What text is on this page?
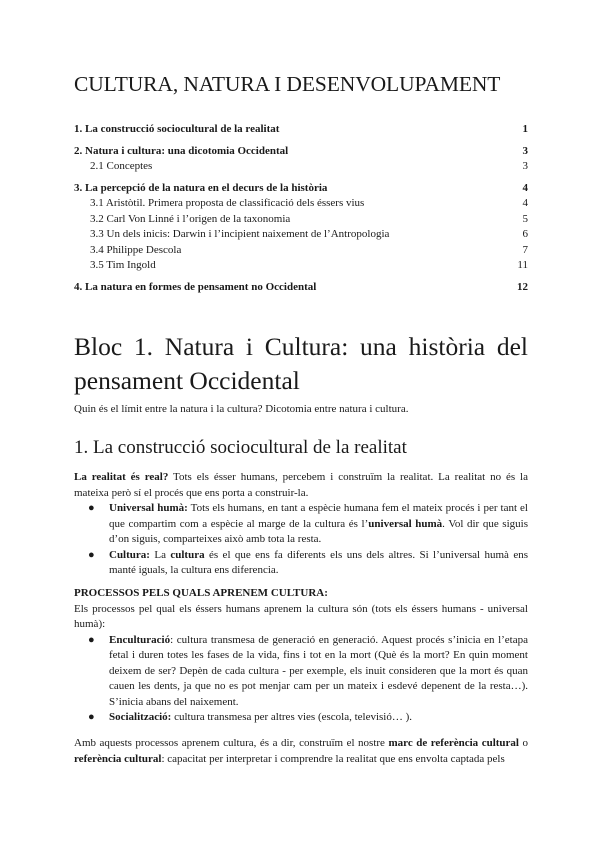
CULTURA, NATURA I DESENVOLUPAMENT
1. La construcció sociocultural de la realitat	1
2. Natura i cultura: una dicotomia Occidental	3
2.1 Conceptes	3
3. La percepció de la natura en el decurs de la història	4
3.1 Aristòtil. Primera proposta de classificació dels éssers vius	4
3.2 Carl Von Linné i l’origen de la taxonomia	5
3.3 Un dels inicis: Darwin i l’incipient naixement de l’Antropologia	6
3.4 Philippe Descola	7
3.5 Tim Ingold	11
4. La natura en formes de pensament no Occidental	12
Bloc 1. Natura i Cultura: una història del pensament Occidental

Quin és el límit entre la natura i la cultura? Dicotomia entre natura i cultura.

1. La construcció sociocultural de la realitat

La realitat és real? Tots els ésser humans, percebem i construïm la realitat. La realitat no és la mateixa però sí el procés que ens porta a construir-la.

● Universal humà: Tots els humans, en tant a espècie humana fem el mateix procés i per tant el que compartim com a espècie al marge de la cultura és l’universal humà. Vol dir que siguis d’on siguis, comparteixes això amb tota la resta.
● Cultura: La cultura és el que ens fa diferents els uns dels altres. Si l’universal humà ens manté iguals, la cultura ens diferencia.

PROCESSOS PELS QUALS APRENEM CULTURA:

Els processos pel qual els éssers humans aprenem la cultura són (tots els éssers humans - universal humà):

● Enculturació: cultura transmesa de generació en generació. Aquest procés s’inicia en l’etapa fetal i duren totes les fases de la vida, fins i tot en la mort (Què és la mort? En quin moment deixem de ser? Depèn de cada cultura - per exemple, els inuit consideren que la mort és quan cauen les dents, ja que no es pot menjar cam per un mateix i esdevé depenent de la resta…). S’inicia abans del naixement.
● Socialització: cultura transmesa per altres vies (escola, televisió… ).

Amb aquests processos aprenem cultura, és a dir, construïm el nostre marc de referència cultural o referència cultural: capacitat per interpretar i comprendre la realitat que ens envolta captada pels
